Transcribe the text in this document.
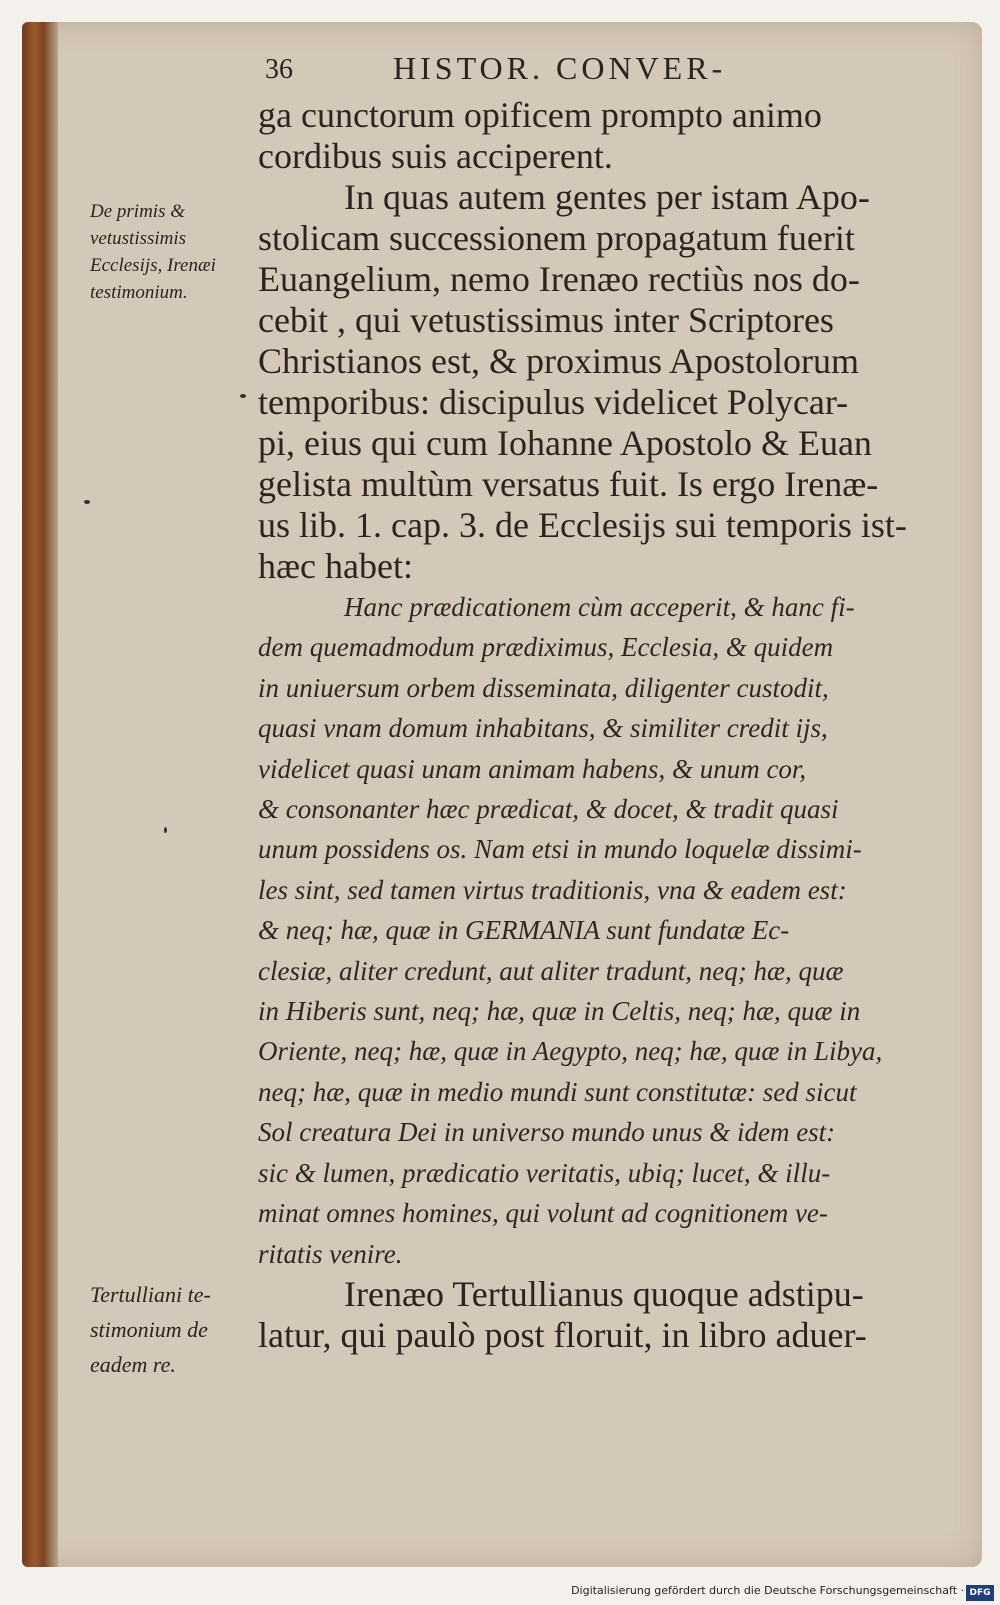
36	HISTOR. CONVER-
De primis &
vetustissimis
Ecclesijs, Irenæi
testimonium.
Tertulliani te-
stimonium de
eadem re.

ga cunctorum opificem prompto animo
cordibus suis acciperent.

In quas autem gentes per istam Apo-
stolicam successionem propagatum fuerit
Euangelium, nemo Irenæo rectiùs nos do-
cebit , qui vetustissimus inter Scriptores
Christianos est, & proximus Apostolorum
temporibus: discipulus videlicet Polycar-
pi, eius qui cum Iohanne Apostolo & Euan
gelista multùm versatus fuit. Is ergo Irenæ-
us lib. 1. cap. 3. de Ecclesijs sui temporis ist-
hæc habet:

Hanc prædicationem cùm acceperit, & hanc fi-
dem quemadmodum prædiximus, Ecclesia, & quidem
in uniuersum orbem disseminata, diligenter custodit,
quasi vnam domum inhabitans, & similiter credit ijs,
videlicet quasi unam animam habens, & unum cor,
& consonanter hæc prædicat, & docet, & tradit quasi
unum possidens os. Nam etsi in mundo loquelæ dissimi-
les sint, sed tamen virtus traditionis, vna & eadem est:
& neq; hæ, quæ in GERMANIA sunt fundatæ Ec-
clesiæ, aliter credunt, aut aliter tradunt, neq; hæ, quæ
in Hiberis sunt, neq; hæ, quæ in Celtis, neq; hæ, quæ in
Oriente, neq; hæ, quæ in Aegypto, neq; hæ, quæ in Libya,
neq; hæ, quæ in medio mundi sunt constitutæ: sed sicut
Sol creatura Dei in universo mundo unus & idem est:
sic & lumen, prædicatio veritatis, ubiq; lucet, & illu-
minat omnes homines, qui volunt ad cognitionem ve-
ritatis venire.

Irenæo Tertullianus quoque adstipu-
latur, qui paulò post floruit, in libro aduer-

Digitalisierung gefördert durch die Deutsche Forschungsgemeinschaft · DFG
